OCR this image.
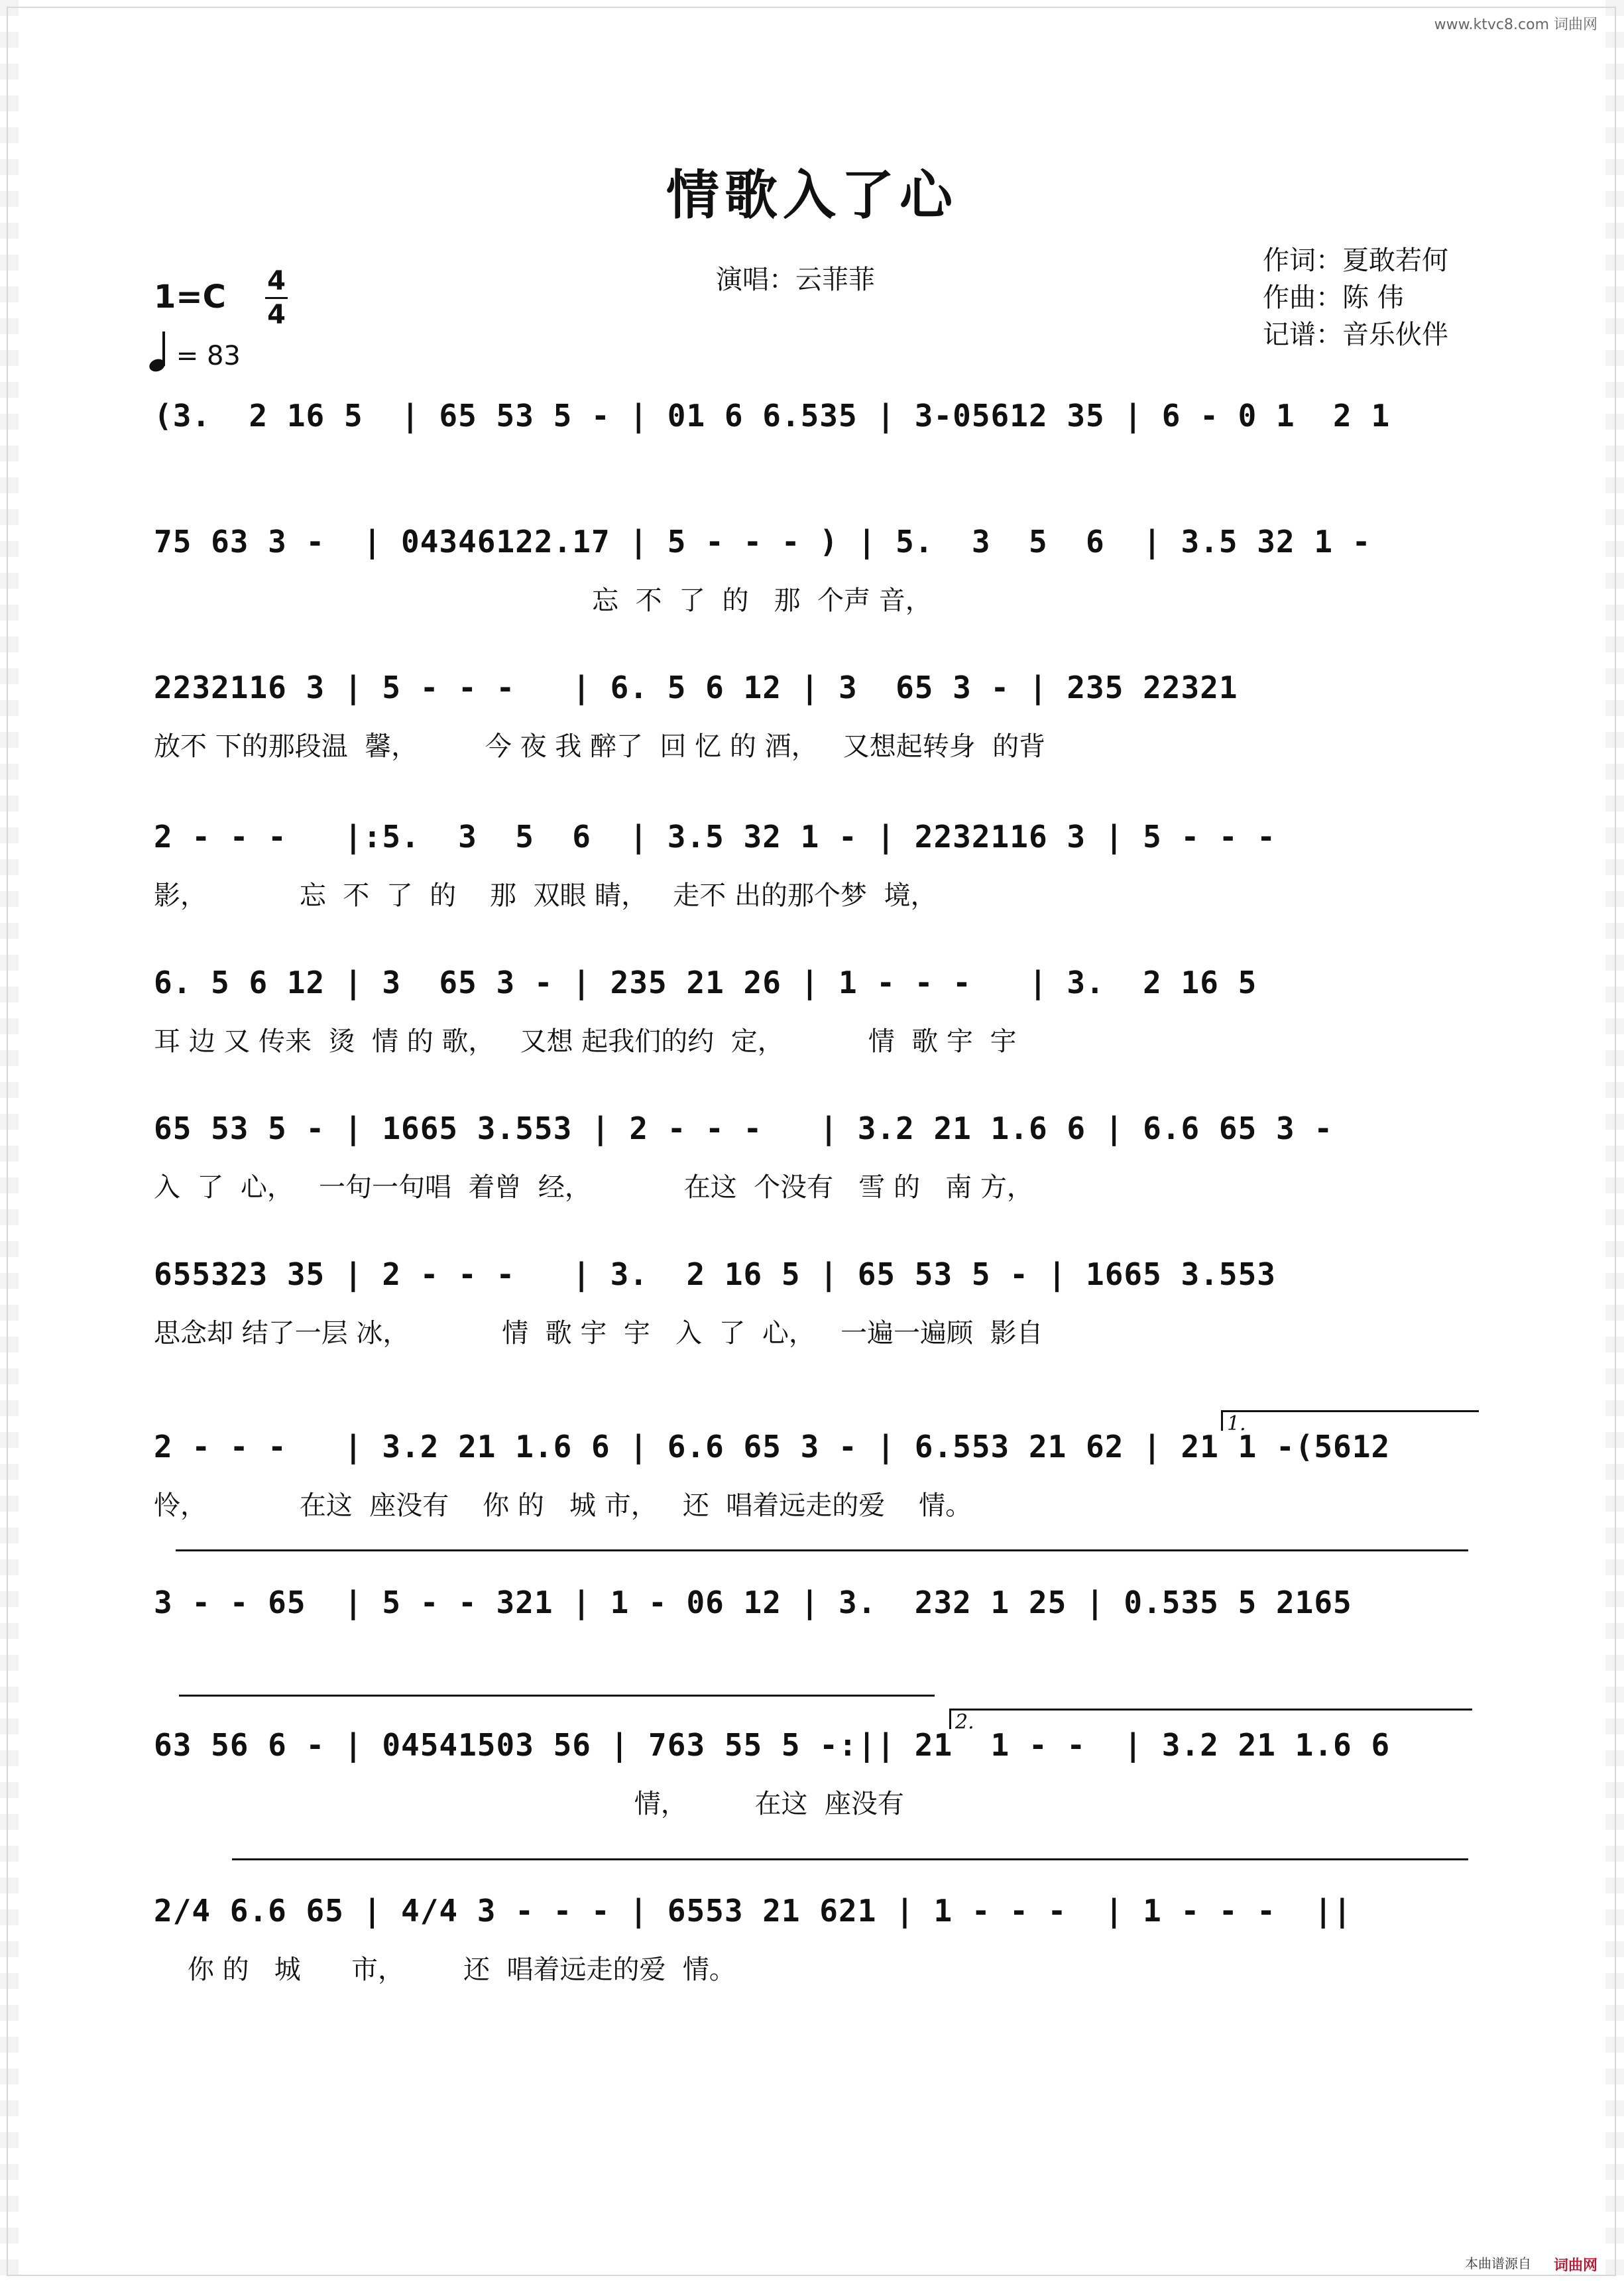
www.ktvc8.com 词曲网
情歌入了心
1=C 4
4
= 83
演唱：云菲菲
作词：夏敢若何
作曲：陈 伟
记谱：音乐伙伴
(3.  2 16 5  | 65 53 5 - | 01 6 6.535 | 3-05612 35 | 6 - 0 1  2 1
75 63 3 -  | 04346122.17 | 5 - - - ) | 5.  3  5  6  | 3.5 32 1 -
忘  不  了  的   那  个声 音，
2232116 3 | 5 - - -   | 6. 5 6 12 | 3  65 3 - | 235 22321
放不 下的那段温  馨，        今 夜 我 醉了  回 忆 的 酒，   又想起转身  的背
2 - - -   |:5.  3  5  6  | 3.5 32 1 - | 2232116 3 | 5 - - -
影，           忘  不  了  的    那  双眼 睛，   走不 出的那个梦  境，
6. 5 6 12 | 3  65 3 - | 235 21 26 | 1 - - -   | 3.  2 16 5
耳 边 又 传来  烫  情 的 歌，   又想 起我们的约  定，          情  歌 宇  宇
65 53 5 - | 1665 3.553 | 2 - - -   | 3.2 21 1.6 6 | 6.6 65 3 -
入  了  心，   一句一句唱  着曾  经，           在这  个没有   雪 的   南 方，
655323 35 | 2 - - -   | 3.  2 16 5 | 65 53 5 - | 1665 3.553
思念却 结了一层 冰，           情  歌 宇  宇   入  了  心，   一遍一遍顾  影自
1.
2 - - -   | 3.2 21 1.6 6 | 6.6 65 3 - | 6.553 21 62 | 21 1 -(5612
怜，           在这  座没有    你 的   城 市，   还  唱着远走的爱    情。
3 - - 65  | 5 - - 321 | 1 - 06 12 | 3.  232 1 25 | 0.535 5 2165
2.
63 56 6 - | 04541503 56 | 763 55 5 -:|| 21  1 - -  | 3.2 21 1.6 6
情，        在这  座没有
2/4 6.6 65 | 4/4 3 - - - | 6553 21 621 | 1 - - -  | 1 - - -  ||
你 的   城      市，       还  唱着远走的爱  情。
本曲谱源自 词曲网
